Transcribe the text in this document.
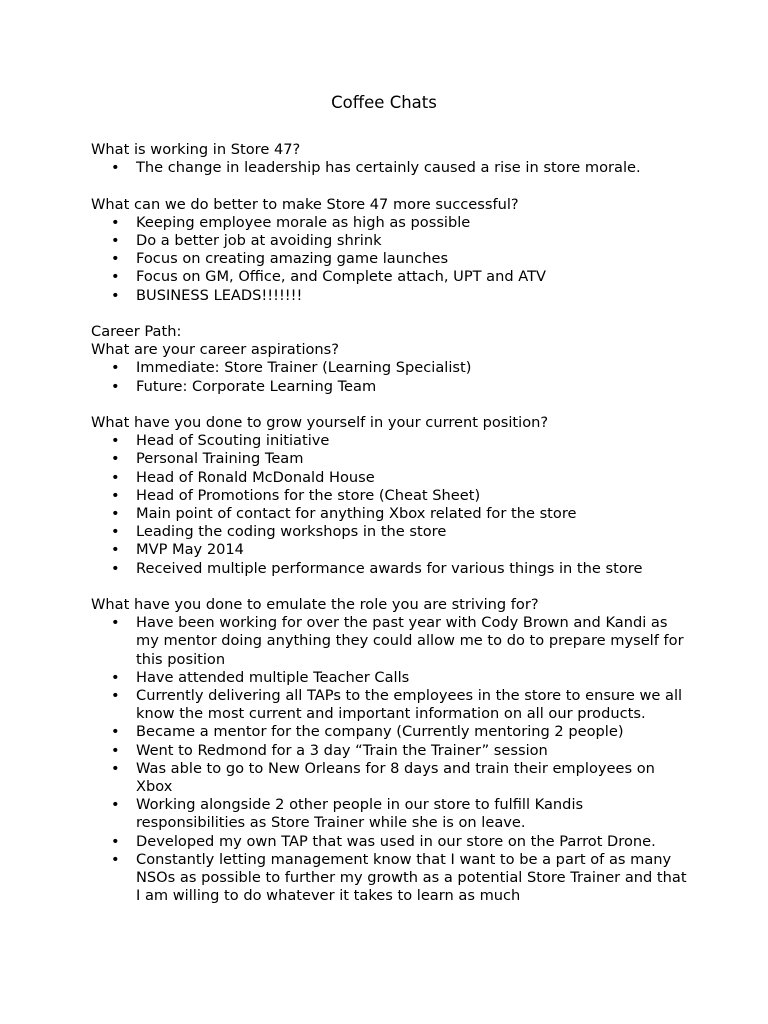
Coffee Chats

What is working in Store 47?

• The change in leadership has certainly caused a rise in store morale.

What can we do better to make Store 47 more successful?

• Keeping employee morale as high as possible
• Do a better job at avoiding shrink
• Focus on creating amazing game launches
• Focus on GM, Office, and Complete attach, UPT and ATV
• BUSINESS LEADS!!!!!!!

Career Path:

What are your career aspirations?

• Immediate: Store Trainer (Learning Specialist)
• Future: Corporate Learning Team

What have you done to grow yourself in your current position?

• Head of Scouting initiative
• Personal Training Team
• Head of Ronald McDonald House
• Head of Promotions for the store (Cheat Sheet)
• Main point of contact for anything Xbox related for the store
• Leading the coding workshops in the store
• MVP May 2014
• Received multiple performance awards for various things in the store

What have you done to emulate the role you are striving for?

• Have been working for over the past year with Cody Brown and Kandi as my mentor doing anything they could allow me to do to prepare myself for this position
• Have attended multiple Teacher Calls
• Currently delivering all TAPs to the employees in the store to ensure we all know the most current and important information on all our products.
• Became a mentor for the company (Currently mentoring 2 people)
• Went to Redmond for a 3 day “Train the Trainer” session
• Was able to go to New Orleans for 8 days and train their employees on Xbox
• Working alongside 2 other people in our store to fulfill Kandis responsibilities as Store Trainer while she is on leave.
• Developed my own TAP that was used in our store on the Parrot Drone.
• Constantly letting management know that I want to be a part of as many NSOs as possible to further my growth as a potential Store Trainer and that I am willing to do whatever it takes to learn as much
